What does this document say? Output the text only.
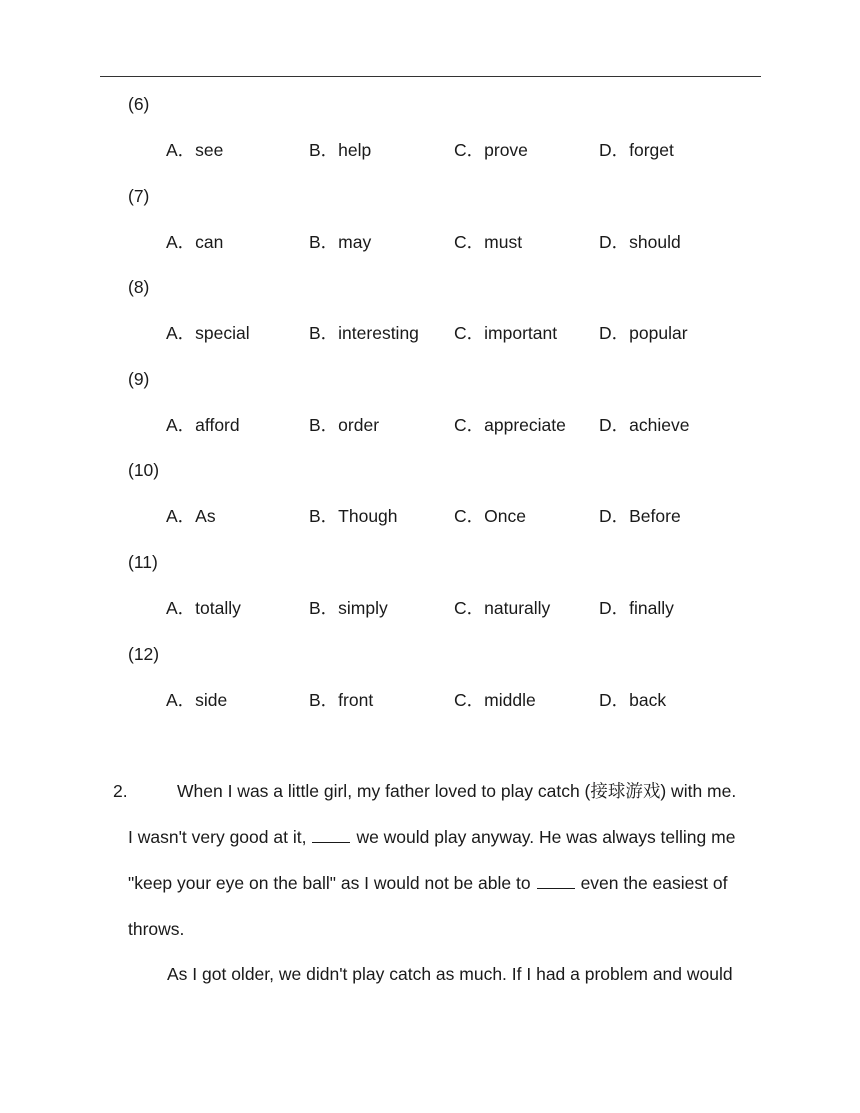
(6)
A．see	B．help	C．prove	D．forget
(7)
A．can	B．may	C．must	D．should
(8)
A．special	B．interesting C．important D．popular
(9)
A．afford	B．order	C．appreciate D．achieve
(10)
A．As	B．Though	C．Once	D．Before
(11)
A．totally	B．simply	C．naturally	D．finally
(12)
A．side	B．front	C．middle	D．back
2.	When I was a little girl, my father loved to play catch (接球游戏) with me.
I wasn't very good at it,	we would play anyway. He was always telling me
"keep your eye on the ball" as I would not be able to	even the easiest of
throws.
As I got older, we didn't play catch as much. If I had a problem and would
